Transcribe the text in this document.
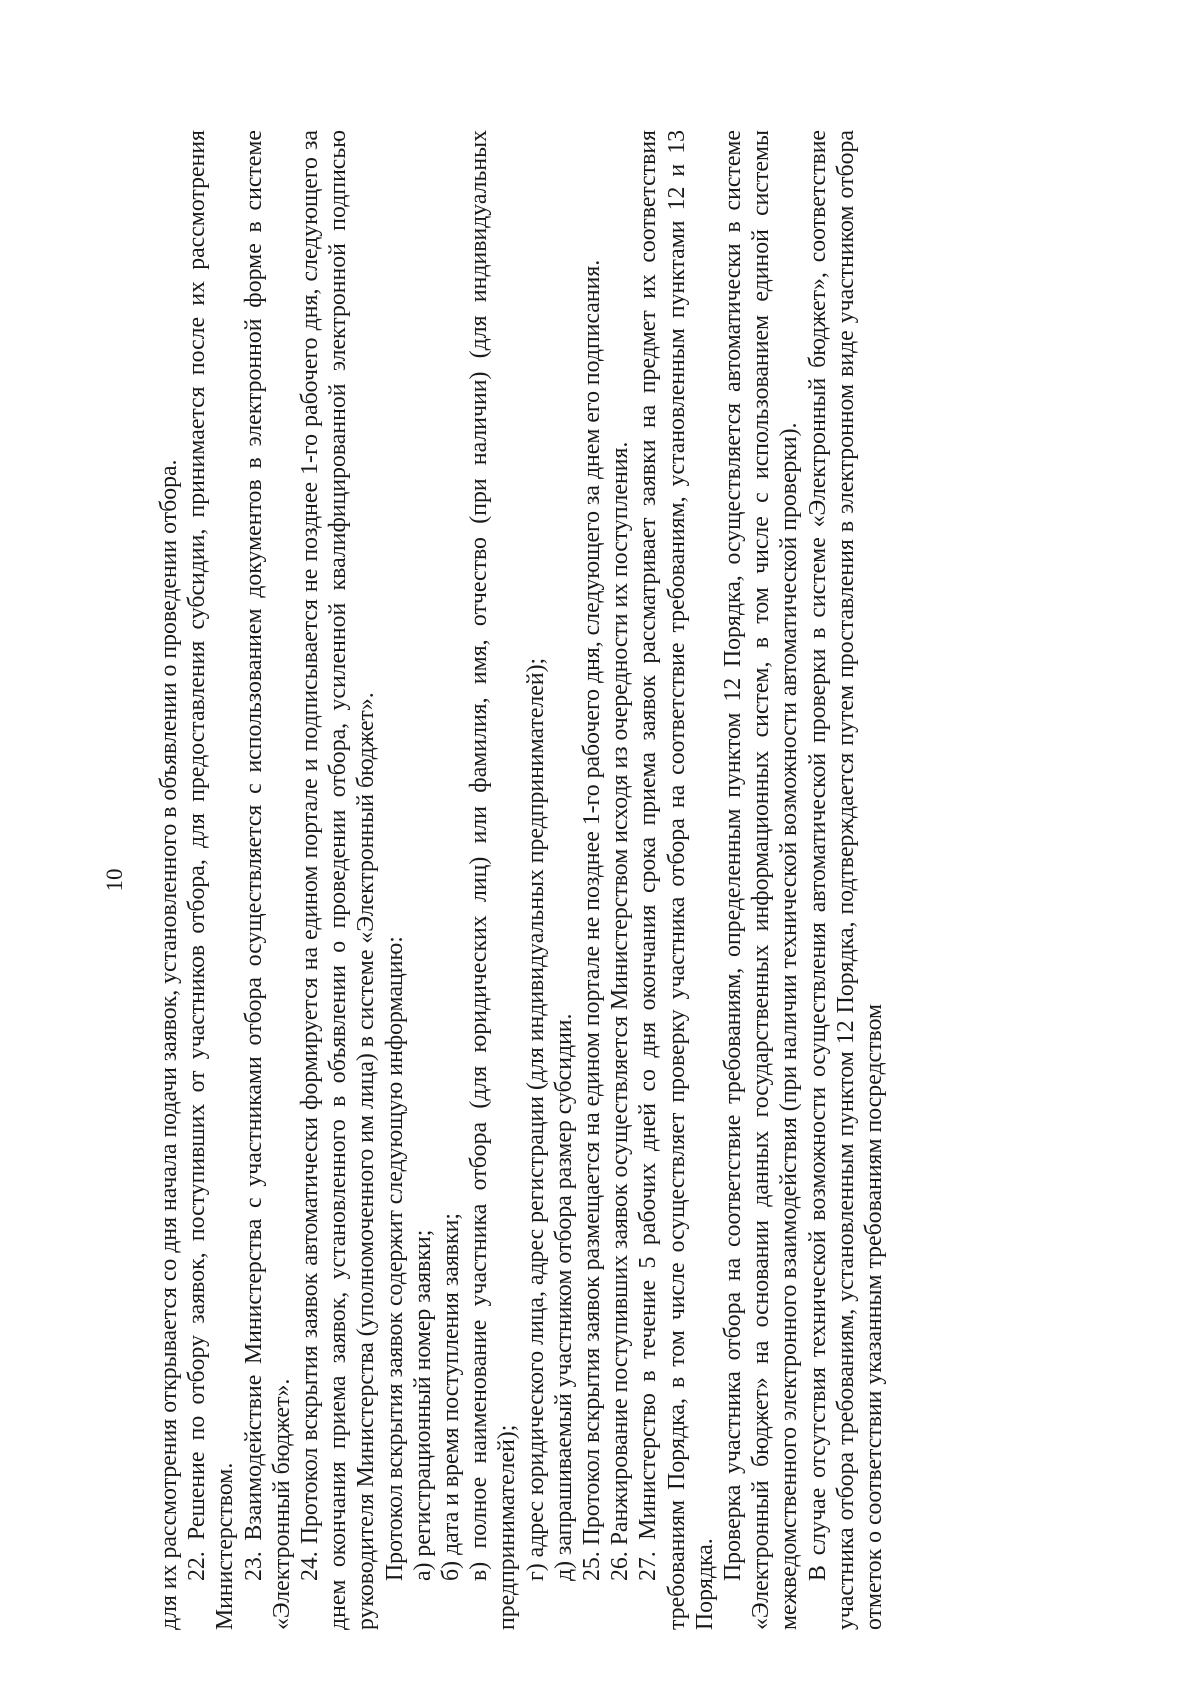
10 для их рассмотрения открывается со дня начала подачи заявок, установленного в объявлении о проведении отбора. 22. Решение по отбору заявок, поступивших от участников отбора, для предоставления субсидии, принимается после их рассмотрения Министерством. 23. Взаимодействие Министерства с участниками отбора осуществляется с использованием документов в электронной форме в системе «Электронный бюджет». 24. Протокол вскрытия заявок автоматически формируется на едином портале и подписывается не позднее 1-го рабочего дня, следующего за днем окончания приема заявок, установленного в объявлении о проведении отбора, усиленной квалифицированной электронной подписью руководителя Министерства (уполномоченного им лица) в системе «Электронный бюджет». Протокол вскрытия заявок содержит следующую информацию: а) регистрационный номер заявки; б) дата и время поступления заявки; в) полное наименование участника отбора (для юридических лиц) или фамилия, имя, отчество (при наличии) (для индивидуальных предпринимателей); г) адрес юридического лица, адрес регистрации (для индивидуальных предпринимателей); д) запрашиваемый участником отбора размер субсидии. 25. Протокол вскрытия заявок размещается на едином портале не позднее 1-го рабочего дня, следующего за днем его подписания. 26. Ранжирование поступивших заявок осуществляется Министерством исходя из очередности их поступления. 27. Министерство в течение 5 рабочих дней со дня окончания срока приема заявок рассматривает заявки на предмет их соответствия требованиям Порядка, в том числе осуществляет проверку участника отбора на соответствие требованиям, установленным пунктами 12 и 13 Порядка.

Проверка участника отбора на соответствие требованиям, определенным пунктом 12 Порядка, осуществляется автоматически в системе «Электронный бюджет» на основании данных государственных информационных систем, в том числе с использованием единой системы межведомственного электронного взаимодействия (при наличии технической возможности автоматической проверки). В случае отсутствия технической возможности осуществления автоматической проверки в системе «Электронный бюджет», соответствие участника отбора требованиям, установленным пунктом 12 Порядка, подтверждается путем проставления в электронном виде участником отбора отметок о соответствии указанным требованиям посредством
